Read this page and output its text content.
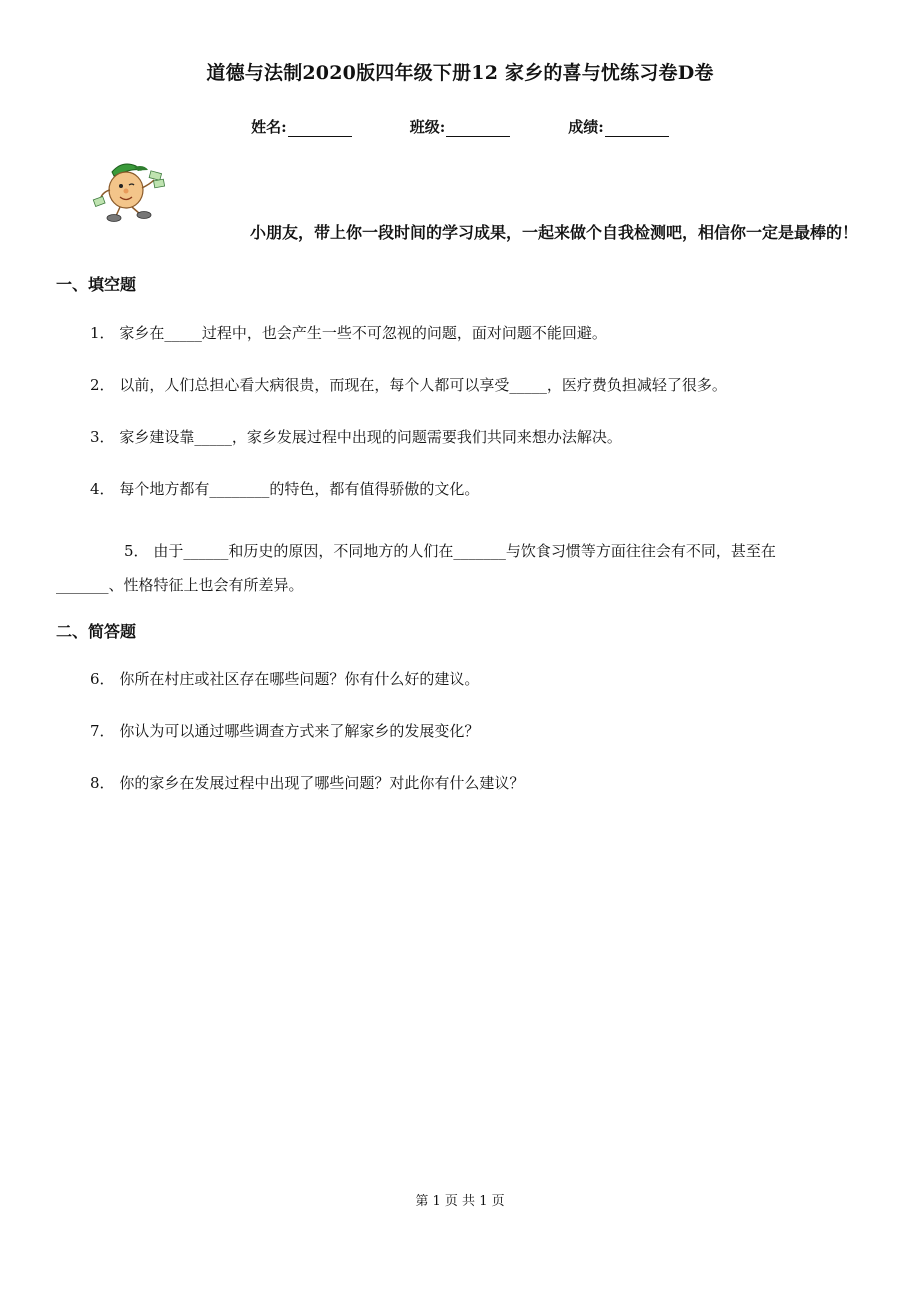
道德与法制2020版四年级下册12 家乡的喜与忧练习卷D卷
姓名:	班级:	成绩:
小朋友，带上你一段时间的学习成果，一起来做个自我检测吧，相信你一定是最棒的！
一、填空题
1． 家乡在_____过程中，也会产生一些不可忽视的问题，面对问题不能回避。
2． 以前，人们总担心看大病很贵，而现在，每个人都可以享受_____，医疗费负担减轻了很多。
3． 家乡建设靠_____，家乡发展过程中出现的问题需要我们共同来想办法解决。
4． 每个地方都有________的特色，都有值得骄傲的文化。
5． 由于______和历史的原因，不同地方的人们在_______与饮食习惯等方面往往会有不同，甚至在_______、性格特征上也会有所差异。
二、简答题
6． 你所在村庄或社区存在哪些问题？你有什么好的建议。
7． 你认为可以通过哪些调查方式来了解家乡的发展变化？
8． 你的家乡在发展过程中出现了哪些问题？对此你有什么建议？
第 1 页 共 1 页
